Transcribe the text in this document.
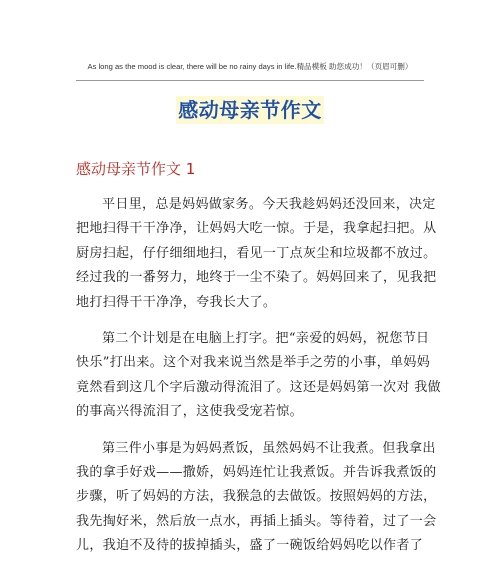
As long as the mood is clear, there will be no rainy days in life.精品模板 助您成功！（页眉可删）
感动母亲节作文
感动母亲节作文 1
平日里，总是妈妈做家务。今天我趁妈妈还没回来，决定
把地扫得干干净净，让妈妈大吃一惊。于是，我拿起扫把。从
厨房扫起，仔仔细细地扫，看见一丁点灰尘和垃圾都不放过。
经过我的一番努力，地终于一尘不染了。妈妈回来了，见我把
地打扫得干干净净，夸我长大了。
第二个计划是在电脑上打字。把“亲爱的妈妈，祝您节日
快乐”打出来。这个对我来说当然是举手之劳的小事，单妈妈
竟然看到这几个字后激动得流泪了。这还是妈妈第一次对 我做
的事高兴得流泪了，这使我受宠若惊。
第三件小事是为妈妈煮饭，虽然妈妈不让我煮。但我拿出
我的拿手好戏——撒娇，妈妈连忙让我煮饭。并告诉我煮饭的
步骤，听了妈妈的方法，我猴急的去做饭。按照妈妈的方法，
我先掏好米，然后放一点水，再插上插头。等待着，过了一会
儿，我迫不及待的拔掉插头，盛了一碗饭给妈妈吃以作者了
